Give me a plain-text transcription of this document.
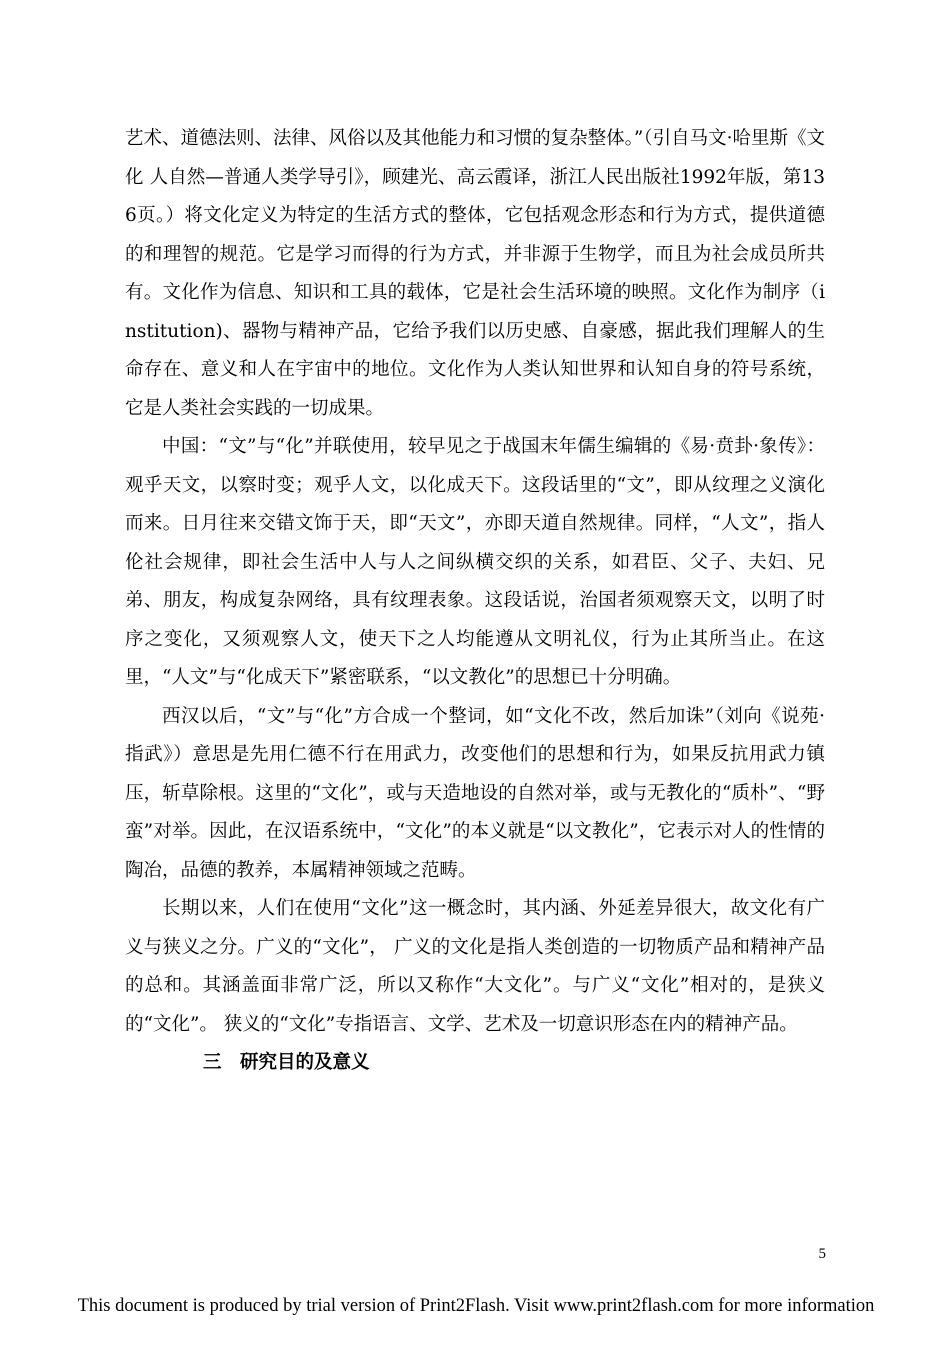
艺术、道德法则、法律、风俗以及其他能力和习惯的复杂整体。”（引自马文·哈里斯《文化 人自然—普通人类学导引》，顾建光、高云霞译，浙江人民出版社1992年版，第136页。）将文化定义为特定的生活方式的整体，它包括观念形态和行为方式，提供道德的和理智的规范。它是学习而得的行为方式，并非源于生物学，而且为社会成员所共有。文化作为信息、知识和工具的载体，它是社会生活环境的映照。文化作为制序（institution)、器物与精神产品，它给予我们以历史感、自豪感，据此我们理解人的生命存在、意义和人在宇宙中的地位。文化作为人类认知世界和认知自身的符号系统，它是人类社会实践的一切成果。

中国：“文”与“化”并联使用，较早见之于战国末年儒生编辑的《易·贲卦·象传》： 观乎天文，以察时变；观乎人文，以化成天下。这段话里的“文”，即从纹理之义演化而来。日月往来交错文饰于天，即“天文”，亦即天道自然规律。同样，“人文”，指人伦社会规律，即社会生活中人与人之间纵横交织的关系，如君臣、父子、夫妇、兄弟、朋友，构成复杂网络，具有纹理表象。这段话说，治国者须观察天文，以明了时序之变化，又须观察人文，使天下之人均能遵从文明礼仪，行为止其所当止。在这里，“人文”与“化成天下”紧密联系，“以文教化”的思想已十分明确。

西汉以后，“文”与“化”方合成一个整词，如“文化不改，然后加诛”（刘向《说苑·指武》）意思是先用仁德不行在用武力，改变他们的思想和行为，如果反抗用武力镇压，斩草除根。这里的“文化”，或与天造地设的自然对举，或与无教化的“质朴”、“野蛮”对举。因此，在汉语系统中，“文化”的本义就是“以文教化”，它表示对人的性情的陶冶，品德的教养，本属精神领域之范畴。

长期以来，人们在使用“文化”这一概念时，其内涵、外延差异很大，故文化有广义与狭义之分。广义的“文化”， 广义的文化是指人类创造的一切物质产品和精神产品的总和。其涵盖面非常广泛，所以又称作“大文化”。与广义“文化”相对的，是狭义的“文化”。 狭义的“文化”专指语言、文学、艺术及一切意识形态在内的精神产品。

三　研究目的及意义

5
This document is produced by trial version of Print2Flash. Visit www.print2flash.com for more information
